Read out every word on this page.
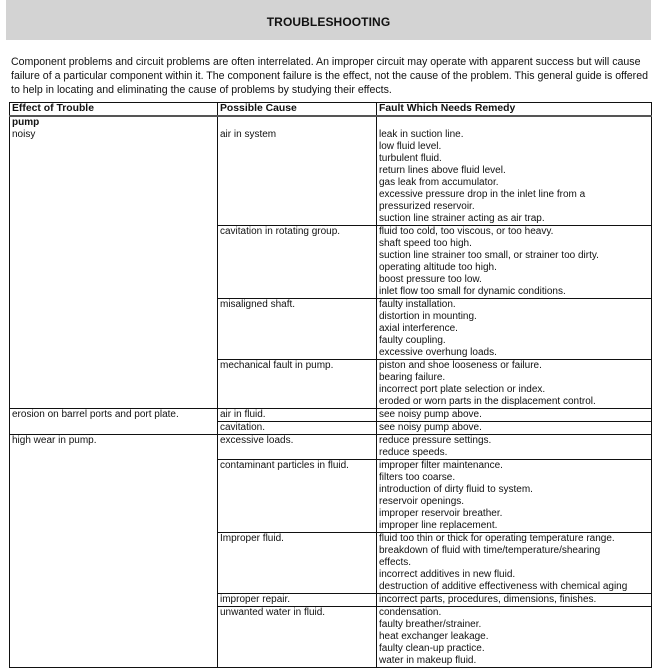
TROUBLESHOOTING

Component problems and circuit problems are often interrelated. An improper circuit may operate with apparent success but will cause failure of a particular component within it. The component failure is the effect, not the cause of the problem. This general guide is offered to help in locating and eliminating the cause of problems by studying their effects.

Effect of Trouble	Possible Cause	Fault Which Needs Remedy

pump
noisy	air in system	leak in suction line.
low fluid level.
turbulent fluid.
return lines above fluid level.
gas leak from accumulator.
excessive pressure drop in the inlet line from a
pressurized reservoir.
suction line strainer acting as air trap.

cavitation in rotating group.	fluid too cold, too viscous, or too heavy.
shaft speed too high.
suction line strainer too small, or strainer too dirty.
operating altitude too high.
boost pressure too low.
inlet flow too small for dynamic conditions.

	misaligned shaft.	faulty installation.
distortion in mounting.
axial interference.
faulty coupling.
excessive overhung loads.

	mechanical fault in pump.	piston and shoe looseness or failure.
bearing failure.
incorrect port plate selection or index.
eroded or worn parts in the displacement control.

erosion on barrel ports and port plate.	air in fluid.	see noisy pump above.

	cavitation.	see noisy pump above.

high wear in pump.	excessive loads.	reduce pressure settings.
reduce speeds.

contaminant particles in fluid.	improper filter maintenance.
filters too coarse.
introduction of dirty fluid to system.
reservoir openings.
improper reservoir breather.
improper line replacement.

	Improper fluid.	fluid too thin or thick for operating temperature range.
breakdown of fluid with time/temperature/shearing
effects.
incorrect additives in new fluid.
destruction of additive effectiveness with chemical aging

	improper repair.	incorrect parts, procedures, dimensions, finishes.

	unwanted water in fluid.	condensation.
faulty breather/strainer.
heat exchanger leakage.
faulty clean-up practice.
water in makeup fluid.
